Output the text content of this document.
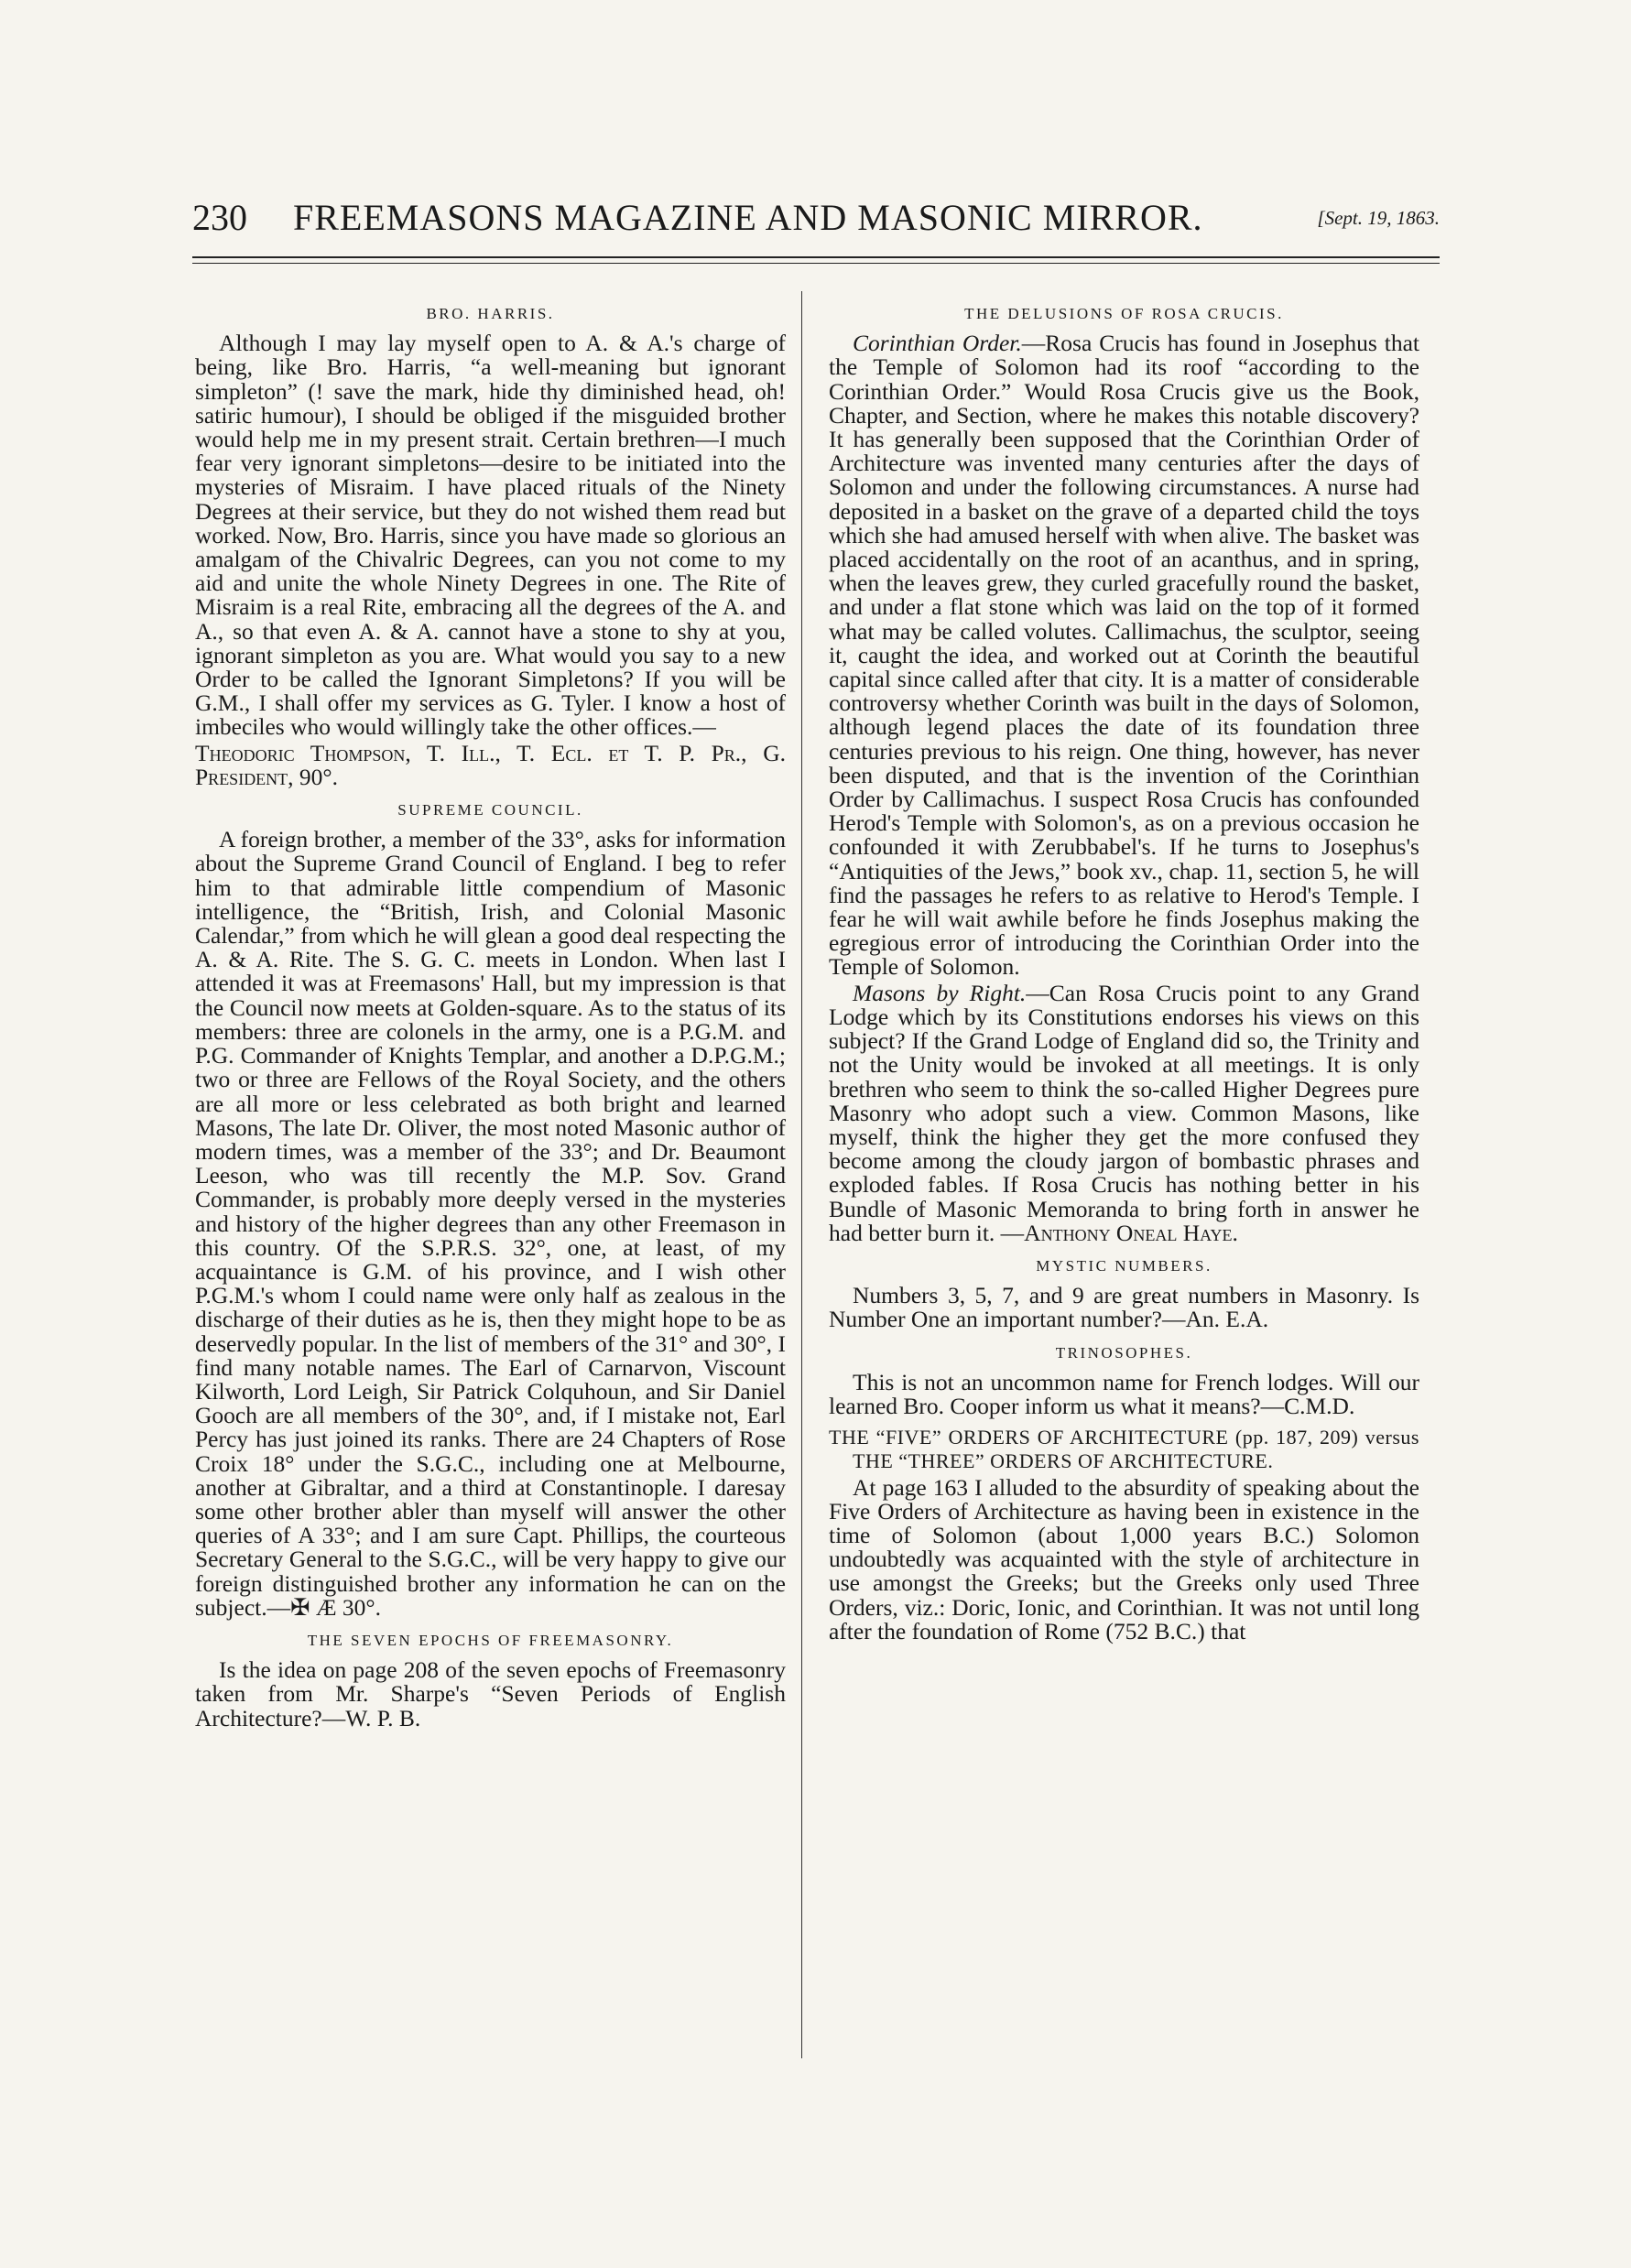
230 FREEMASONS MAGAZINE AND MASONIC MIRROR.	[Sept. 19, 1863.
BRO. HARRIS.

Although I may lay myself open to A. & A.'s charge of being, like Bro. Harris, “a well-meaning but ignorant simpleton” (! save the mark, hide thy diminished head, oh! satiric humour), I should be obliged if the misguided brother would help me in my present strait. Certain brethren—I much fear very ignorant simpletons—desire to be initiated into the mysteries of Misraim. I have placed rituals of the Ninety Degrees at their service, but they do not wished them read but worked. Now, Bro. Harris, since you have made so glorious an amalgam of the Chivalric Degrees, can you not come to my aid and unite the whole Ninety Degrees in one. The Rite of Misraim is a real Rite, embracing all the degrees of the A. and A., so that even A. & A. cannot have a stone to shy at you, ignorant simpleton as you are. What would you say to a new Order to be called the Ignorant Simpletons? If you will be G.M., I shall offer my services as G. Tyler. I know a host of imbeciles who would willingly take the other offices.—

Theodoric Thompson, T. Ill., T. Ecl. et T. P. Pr., G. President, 90°.

SUPREME COUNCIL.

A foreign brother, a member of the 33°, asks for information about the Supreme Grand Council of England. I beg to refer him to that admirable little compendium of Masonic intelligence, the “British, Irish, and Colonial Masonic Calendar,” from which he will glean a good deal respecting the A. & A. Rite. The S. G. C. meets in London. When last I attended it was at Freemasons' Hall, but my impression is that the Council now meets at Golden-square. As to the status of its members: three are colonels in the army, one is a P.G.M. and P.G. Commander of Knights Templar, and another a D.P.G.M.; two or three are Fellows of the Royal Society, and the others are all more or less celebrated as both bright and learned Masons, The late Dr. Oliver, the most noted Masonic author of modern times, was a member of the 33°; and Dr. Beaumont Leeson, who was till recently the M.P. Sov. Grand Commander, is probably more deeply versed in the mysteries and history of the higher degrees than any other Freemason in this country. Of the S.P.R.S. 32°, one, at least, of my acquaintance is G.M. of his province, and I wish other P.G.M.'s whom I could name were only half as zealous in the discharge of their duties as he is, then they might hope to be as deservedly popular. In the list of members of the 31° and 30°, I find many notable names. The Earl of Carnarvon, Viscount Kilworth, Lord Leigh, Sir Patrick Colquhoun, and Sir Daniel Gooch are all members of the 30°, and, if I mistake not, Earl Percy has just joined its ranks. There are 24 Chapters of Rose Croix 18° under the S.G.C., including one at Melbourne, another at Gibraltar, and a third at Constantinople. I daresay some other brother abler than myself will answer the other queries of A 33°; and I am sure Capt. Phillips, the courteous Secretary General to the S.G.C., will be very happy to give our foreign distinguished brother any information he can on the subject.—✠ Æ 30°.

THE SEVEN EPOCHS OF FREEMASONRY.

Is the idea on page 208 of the seven epochs of Freemasonry taken from Mr. Sharpe's “Seven Periods of English Architecture?—W. P. B.

THE DELUSIONS OF ROSA CRUCIS.

Corinthian Order.—Rosa Crucis has found in Josephus that the Temple of Solomon had its roof “according to the Corinthian Order.” Would Rosa Crucis give us the Book, Chapter, and Section, where he makes this notable discovery? It has generally been supposed that the Corinthian Order of Architecture was invented many centuries after the days of Solomon and under the following circumstances. A nurse had deposited in a basket on the grave of a departed child the toys which she had amused herself with when alive. The basket was placed accidentally on the root of an acanthus, and in spring, when the leaves grew, they curled gracefully round the basket, and under a flat stone which was laid on the top of it formed what may be called volutes. Callimachus, the sculptor, seeing it, caught the idea, and worked out at Corinth the beautiful capital since called after that city. It is a matter of considerable controversy whether Corinth was built in the days of Solomon, although legend places the date of its foundation three centuries previous to his reign. One thing, however, has never been disputed, and that is the invention of the Corinthian Order by Callimachus. I suspect Rosa Crucis has confounded Herod's Temple with Solomon's, as on a previous occasion he confounded it with Zerubbabel's. If he turns to Josephus's “Antiquities of the Jews,” book xv., chap. 11, section 5, he will find the passages he refers to as relative to Herod's Temple. I fear he will wait awhile before he finds Josephus making the egregious error of introducing the Corinthian Order into the Temple of Solomon.

Masons by Right.—Can Rosa Crucis point to any Grand Lodge which by its Constitutions endorses his views on this subject? If the Grand Lodge of England did so, the Trinity and not the Unity would be invoked at all meetings. It is only brethren who seem to think the so-called Higher Degrees pure Masonry who adopt such a view. Common Masons, like myself, think the higher they get the more confused they become among the cloudy jargon of bombastic phrases and exploded fables. If Rosa Crucis has nothing better in his Bundle of Masonic Memoranda to bring forth in answer he had better burn it. —Anthony Oneal Haye.

MYSTIC NUMBERS.

Numbers 3, 5, 7, and 9 are great numbers in Masonry. Is Number One an important number?—An. E.A.

TRINOSOPHES.

This is not an uncommon name for French lodges. Will our learned Bro. Cooper inform us what it means?—C.M.D.

THE “FIVE” ORDERS OF ARCHITECTURE (pp. 187, 209) versus THE “THREE” ORDERS OF ARCHITECTURE.

At page 163 I alluded to the absurdity of speaking about the Five Orders of Architecture as having been in existence in the time of Solomon (about 1,000 years B.C.) Solomon undoubtedly was acquainted with the style of architecture in use amongst the Greeks; but the Greeks only used Three Orders, viz.: Doric, Ionic, and Corinthian. It was not until long after the foundation of Rome (752 B.C.) that
